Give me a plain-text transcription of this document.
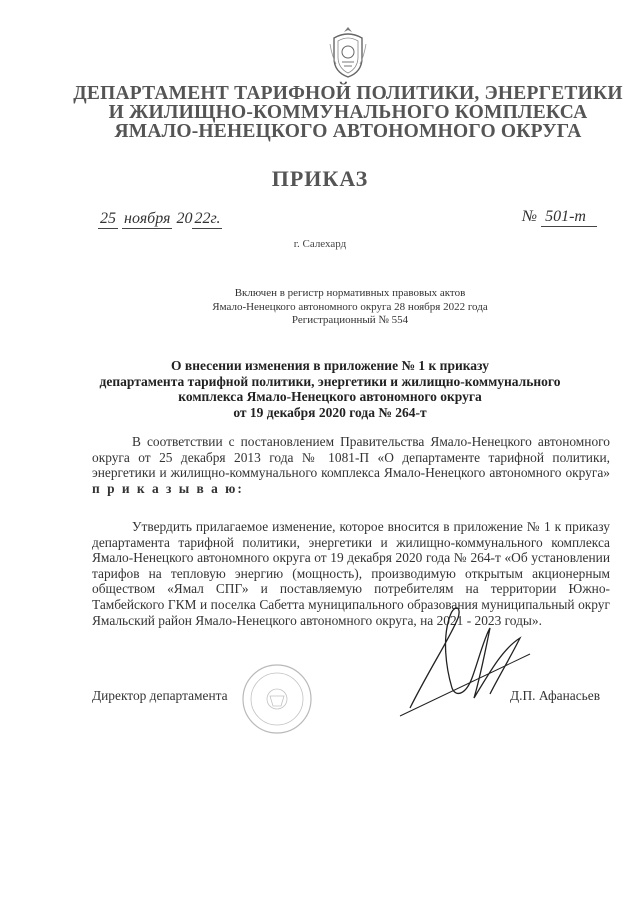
ДЕПАРТАМЕНТ ТАРИФНОЙ ПОЛИТИКИ, ЭНЕРГЕТИКИ
И ЖИЛИЩНО-КОММУНАЛЬНОГО КОМПЛЕКСА
ЯМАЛО-НЕНЕЦКОГО АВТОНОМНОГО ОКРУГА
ПРИКАЗ
25 ноября 20 22г.	№ 501-т
г. Салехард
Включен в регистр нормативных правовых актов
Ямало-Ненецкого автономного округа 28 ноября 2022 года
Регистрационный № 554
О внесении изменения в приложение № 1 к приказу
департамента тарифной политики, энергетики и жилищно-коммунального
комплекса Ямало-Ненецкого автономного округа
от 19 декабря 2020 года № 264-т
В соответствии с постановлением Правительства Ямало-Ненецкого автономного округа от 25 декабря 2013 года № 1081-П «О департаменте тарифной политики, энергетики и жилищно-коммунального комплекса Ямало-Ненецкого автономного округа» п р и к а з ы в а ю:
Утвердить прилагаемое изменение, которое вносится в приложение № 1 к приказу департамента тарифной политики, энергетики и жилищно-коммунального комплекса Ямало-Ненецкого автономного округа от 19 декабря 2020 года № 264-т «Об установлении тарифов на тепловую энергию (мощность), производимую открытым акционерным обществом «Ямал СПГ» и поставляемую потребителям на территории Южно-Тамбейского ГКМ и поселка Сабетта муниципального образования муниципальный округ Ямальский район Ямало-Ненецкого автономного округа, на 2021 - 2023 годы».
Директор департамента	Д.П. Афанасьев
